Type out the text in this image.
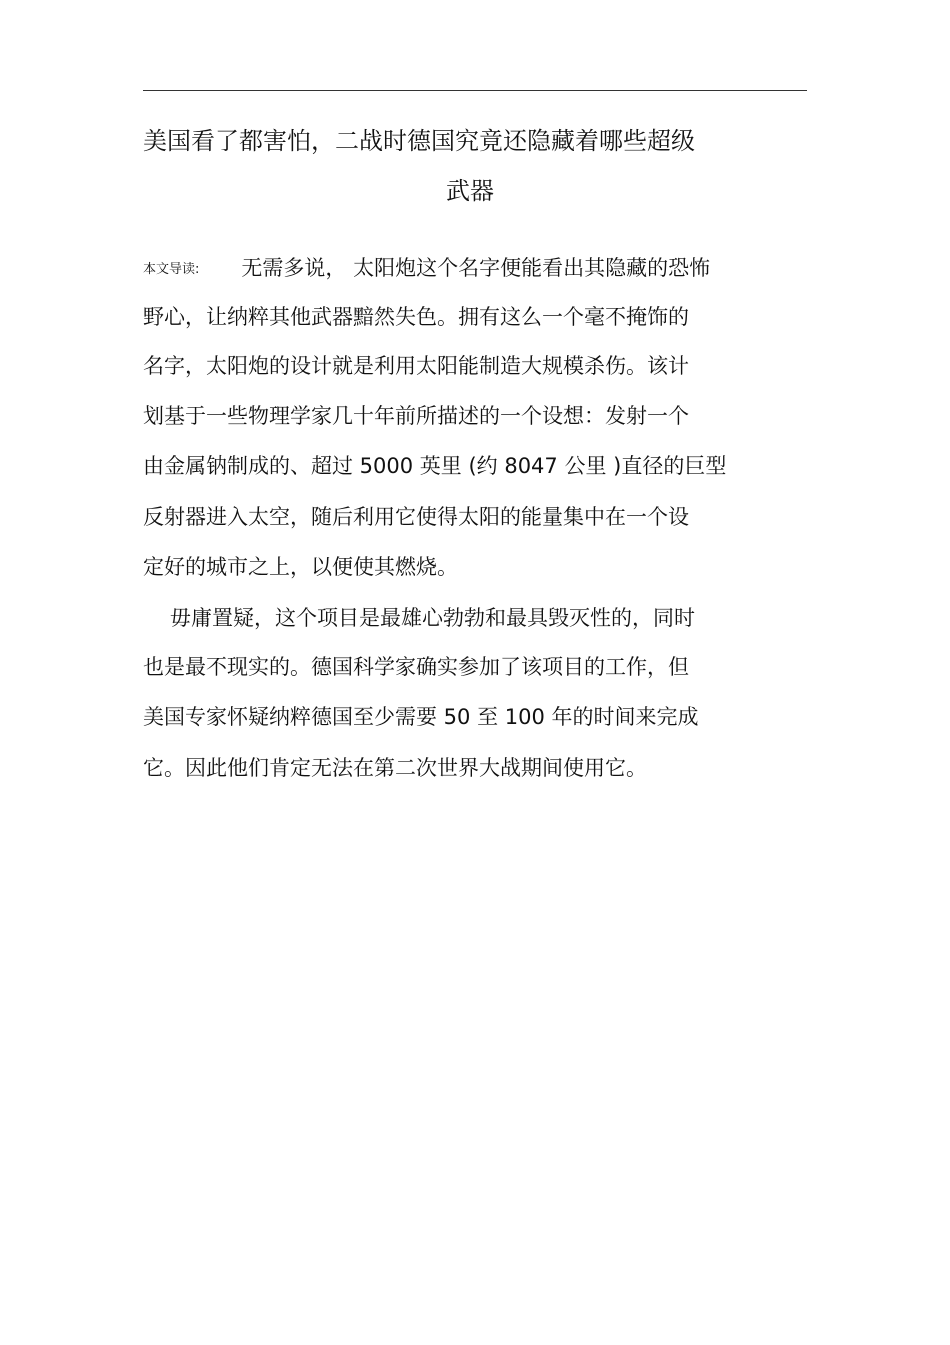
美国看了都害怕，二战时德国究竟还隐藏着哪些超级
武器
本文导读: 无需多说， 太阳炮这个名字便能看出其隐藏的恐怖
野心，让纳粹其他武器黯然失色。拥有这么一个毫不掩饰的
名字，太阳炮的设计就是利用太阳能制造大规模杀伤。该计
划基于一些物理学家几十年前所描述的一个设想：发射一个
由金属钠制成的、超过 5000 英里 (约 8047 公里 )直径的巨型
反射器进入太空，随后利用它使得太阳的能量集中在一个设
定好的城市之上，以便使其燃烧。
毋庸置疑，这个项目是最雄心勃勃和最具毁灭性的，同时
也是最不现实的。德国科学家确实参加了该项目的工作，但
美国专家怀疑纳粹德国至少需要 50 至 100 年的时间来完成
它。因此他们肯定无法在第二次世界大战期间使用它。
